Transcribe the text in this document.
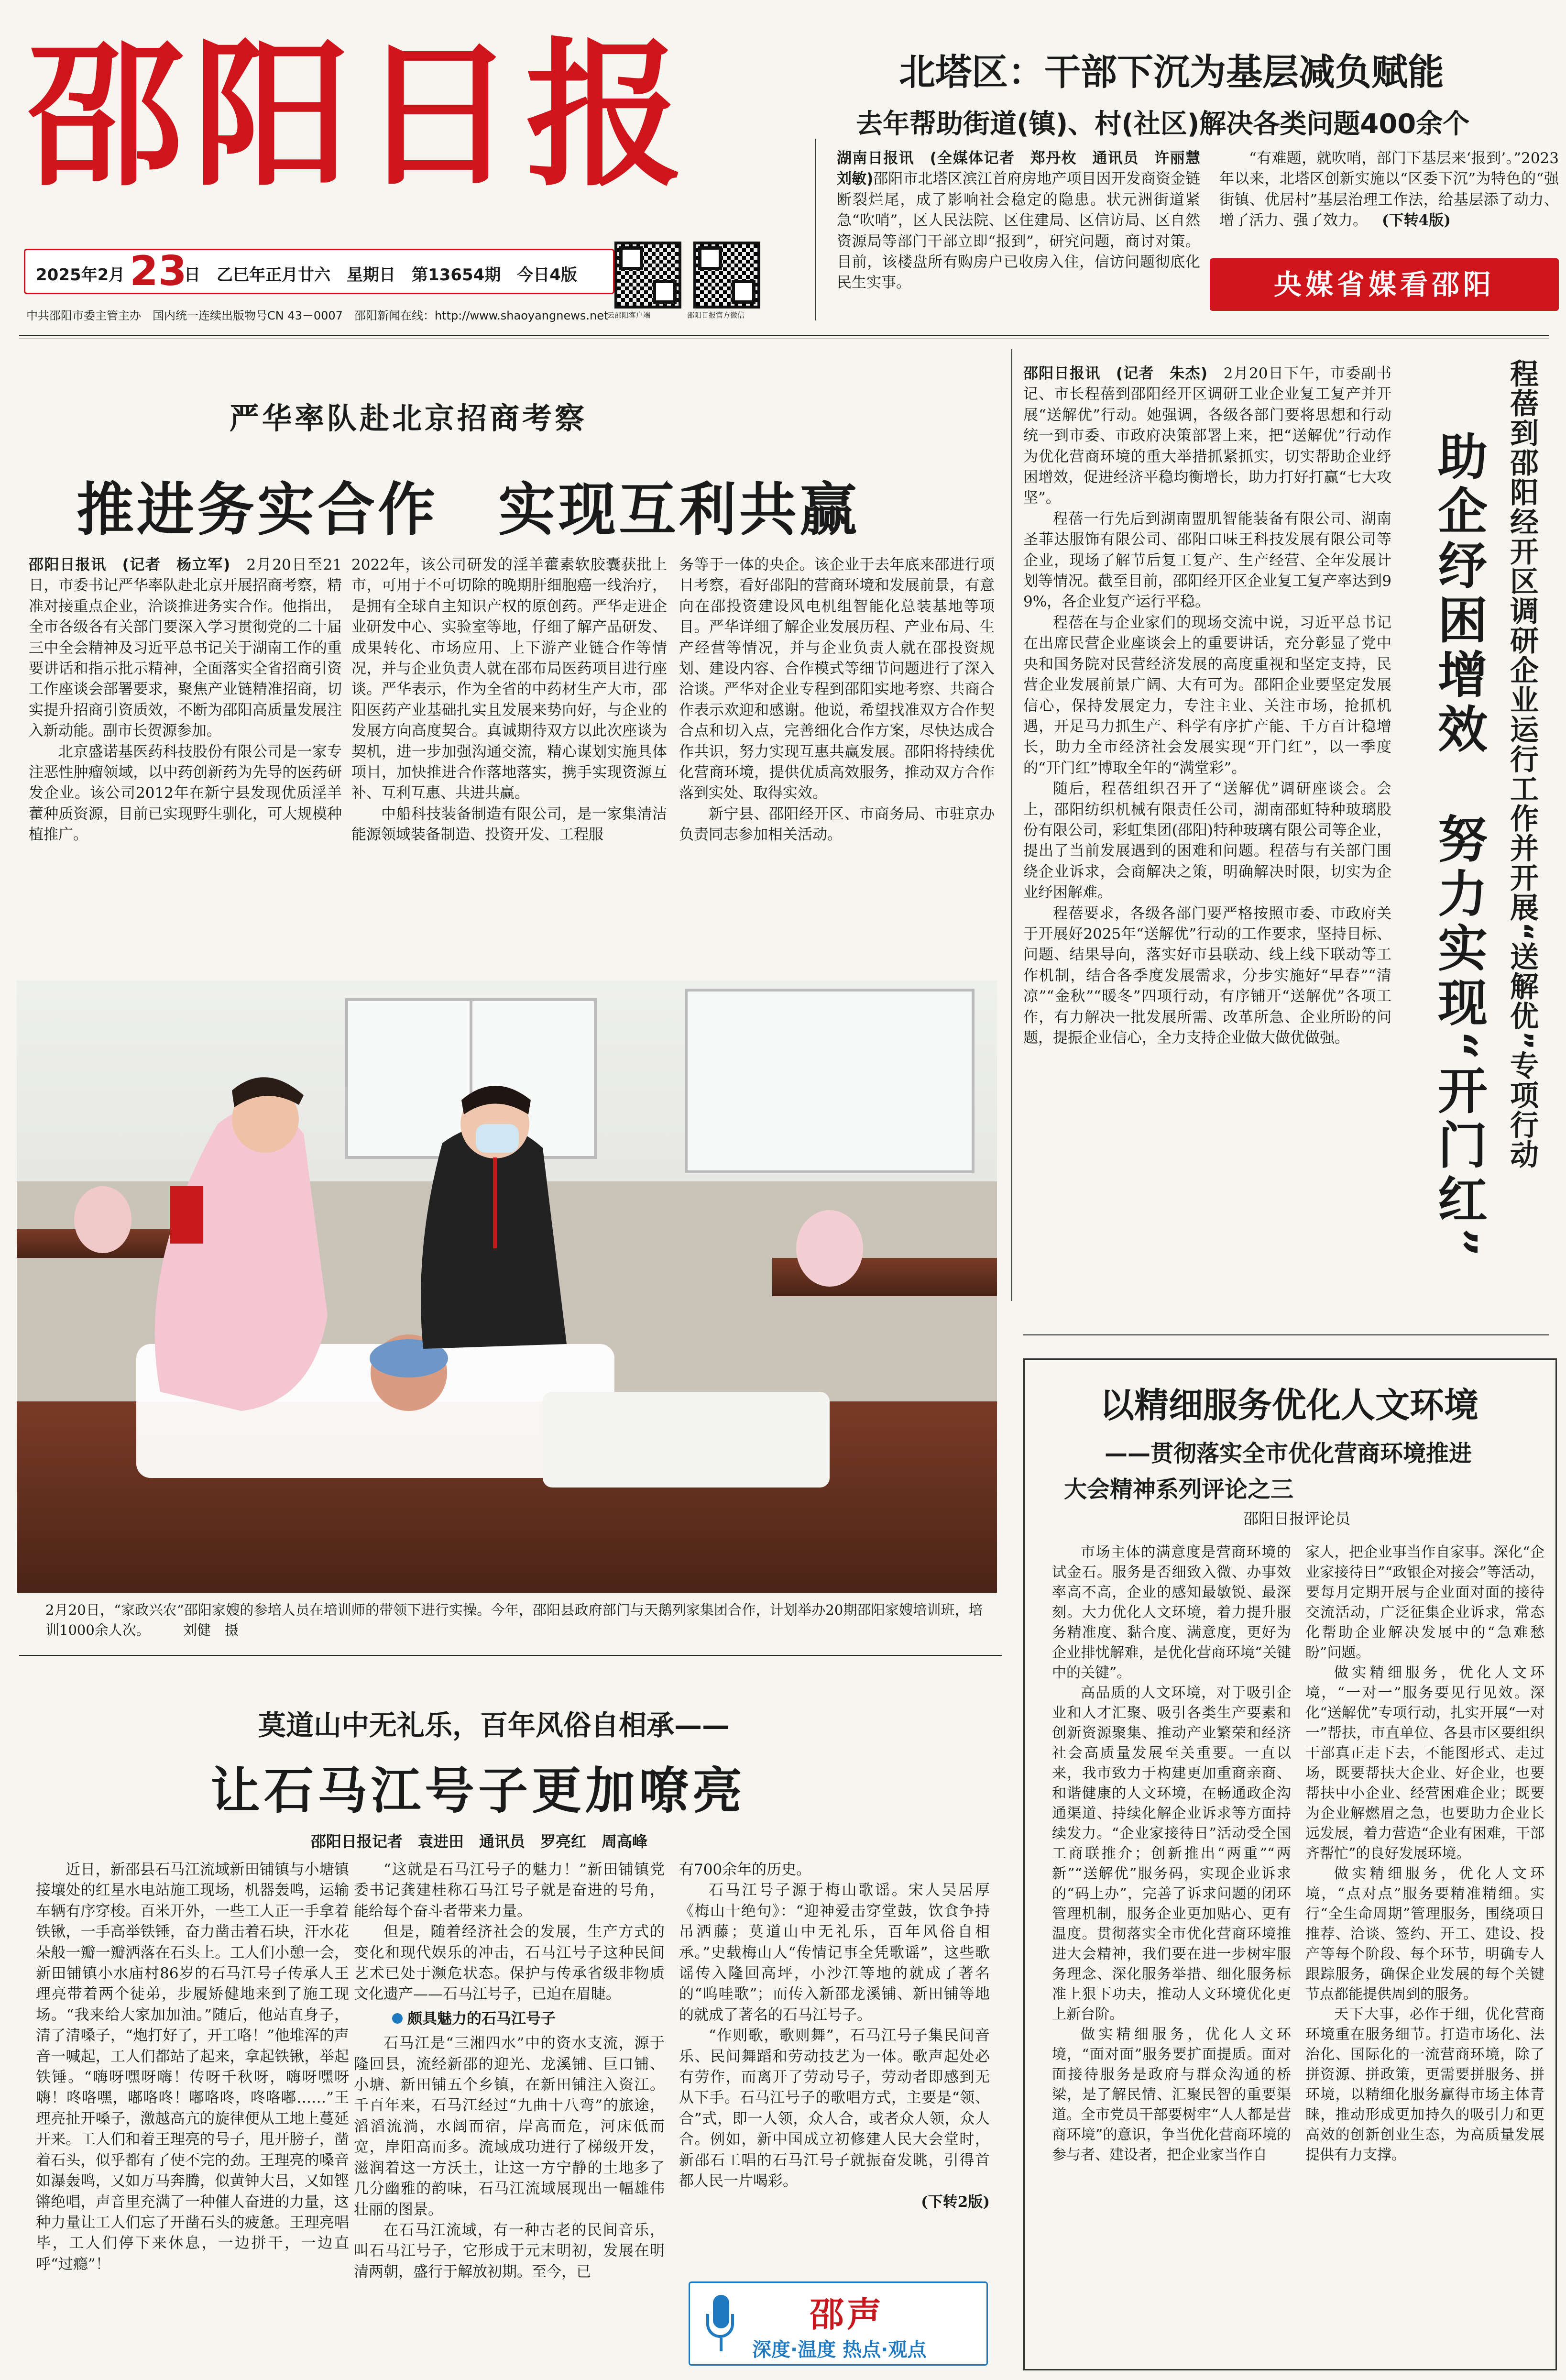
邵阳日报
2025年2月 23
日　乙巳年正月廿六　星期日　第13654期　今日4版
中共邵阳市委主管主办　国内统一连续出版物号CN 43－0007　邵阳新闻在线：http://www.shaoyangnews.net
云邵阳客户端	邵阳日报官方微信
北塔区：干部下沉为基层减负赋能
去年帮助街道(镇)、村(社区)解决各类问题400余个

湖南日报讯　(全媒体记者　郑丹枚　通讯员　许丽慧　刘敏)邵阳市北塔区滨江首府房地产项目因开发商资金链断裂烂尾，成了影响社会稳定的隐患。状元洲街道紧急“吹哨”，区人民法院、区住建局、区信访局、区自然资源局等部门干部立即“报到”，研究问题，商讨对策。目前，该楼盘所有购房户已收房入住，信访问题彻底化民生实事。

“有难题，就吹哨，部门下基层来‘报到’。”2023年以来，北塔区创新实施以“区委下沉”为特色的“强街镇、优居村”基层治理工作法，给基层添了动力、增了活力、强了效力。 (下转4版)

央媒省媒看邵阳
严华率队赴北京招商考察
推进务实合作　实现互利共赢

邵阳日报讯　(记者　杨立军)　 2月20日至21日，市委书记严华率队赴北京开展招商考察，精准对接重点企业，洽谈推进务实合作。他指出，全市各级各有关部门要深入学习贯彻党的二十届三中全会精神及习近平总书记关于湖南工作的重要讲话和指示批示精神，全面落实全省招商引资工作座谈会部署要求，聚焦产业链精准招商，切实提升招商引资质效，不断为邵阳高质量发展注入新动能。副市长贺源参加。

北京盛诺基医药科技股份有限公司是一家专注恶性肿瘤领域，以中药创新药为先导的医药研发企业。该公司2012年在新宁县发现优质淫羊藿种质资源，目前已实现野生驯化，可大规模种植推广。

2022年，该公司研发的淫羊藿素软胶囊获批上市，可用于不可切除的晚期肝细胞癌一线治疗，是拥有全球自主知识产权的原创药。严华走进企业研发中心、实验室等地，仔细了解产品研发、成果转化、市场应用、上下游产业链合作等情况，并与企业负责人就在邵布局医药项目进行座谈。严华表示，作为全省的中药材生产大市，邵阳医药产业基础扎实且发展来势向好，与企业的发展方向高度契合。真诚期待双方以此次座谈为契机，进一步加强沟通交流，精心谋划实施具体项目，加快推进合作落地落实，携手实现资源互补、互利互惠、共进共赢。

中船科技装备制造有限公司，是一家集清洁能源领域装备制造、投资开发、工程服

务等于一体的央企。该企业于去年底来邵进行项目考察，看好邵阳的营商环境和发展前景，有意向在邵投资建设风电机组智能化总装基地等项目。严华详细了解企业发展历程、产业布局、生产经营等情况，并与企业负责人就在邵投资规划、建设内容、合作模式等细节问题进行了深入洽谈。严华对企业专程到邵阳实地考察、共商合作表示欢迎和感谢。他说，希望找准双方合作契合点和切入点，完善细化合作方案，尽快达成合作共识，努力实现互惠共赢发展。邵阳将持续优化营商环境，提供优质高效服务，推动双方合作落到实处、取得实效。

新宁县、邵阳经开区、市商务局、市驻京办负责同志参加相关活动。

2月20日，“家政兴农”邵阳家嫂的参培人员在培训师的带领下进行实操。今年，邵阳县政府部门与天鹅列家集团合作，计划举办20期邵阳家嫂培训班，培训1000余人次。 刘健　摄

邵阳日报讯　(记者　朱杰)　 2月20日下午，市委副书记、市长程蓓到邵阳经开区调研工业企业复工复产并开展“送解优”行动。她强调，各级各部门要将思想和行动统一到市委、市政府决策部署上来，把“送解优”行动作为优化营商环境的重大举措抓紧抓实，切实帮助企业纾困增效，促进经济平稳均衡增长，助力打好打赢“七大攻坚”。

程蓓一行先后到湖南盟肌智能装备有限公司、湖南圣菲达服饰有限公司、邵阳口味王科技发展有限公司等企业，现场了解节后复工复产、生产经营、全年发展计划等情况。截至目前，邵阳经开区企业复工复产率达到99%，各企业复产运行平稳。

程蓓在与企业家们的现场交流中说，习近平总书记在出席民营企业座谈会上的重要讲话，充分彰显了党中央和国务院对民营经济发展的高度重视和坚定支持，民营企业发展前景广阔、大有可为。邵阳企业要坚定发展信心，保持发展定力，专注主业、关注市场，抢抓机遇，开足马力抓生产、科学有序扩产能、千方百计稳增长，助力全市经济社会发展实现“开门红”，以一季度的“开门红”博取全年的“满堂彩”。

随后，程蓓组织召开了“送解优”调研座谈会。会上，邵阳纺织机械有限责任公司，湖南邵虹特种玻璃股份有限公司，彩虹集团(邵阳)特种玻璃有限公司等企业，提出了当前发展遇到的困难和问题。程蓓与有关部门围绕企业诉求，会商解决之策，明确解决时限，切实为企业纾困解难。

程蓓要求，各级各部门要严格按照市委、市政府关于开展好2025年“送解优”行动的工作要求，坚持目标、问题、结果导向，落实好市县联动、线上线下联动等工作机制，结合各季度发展需求，分步实施好“早春”“清凉”“金秋”“暖冬”四项行动，有序铺开“送解优”各项工作，有力解决一批发展所需、改革所急、企业所盼的问题，提振企业信心，全力支持企业做大做优做强。	程蓓到邵阳经开区调研企业运行工作并开展“送解优”专项行动
助企纾困增效
努力实现“开门红”
莫道山中无礼乐，百年风俗自相承——
让石马江号子更加嘹亮
邵阳日报记者　袁进田　通讯员　罗亮红　周高峰

近日，新邵县石马江流域新田铺镇与小塘镇接壤处的红星水电站施工现场，机器轰鸣，运输车辆有序穿梭。百米开外，一些工人正一手拿着铁锹，一手高举铁锤，奋力凿击着石块，汗水花朵般一瓣一瓣洒落在石头上。工人们小憩一会，新田铺镇小水庙村86岁的石马江号子传承人王理亮带着两个徒弟，步履矫健地来到了施工现场。“我来给大家加加油。”随后，他站直身子，清了清嗓子，“炮打好了，开工咯！”他堆浑的声音一喊起，工人们都站了起来，拿起铁锹，举起铁锤。“嗨呀嘿呀嗨！传呀千秋呀，嗨呀嘿呀嗨！咚咯嘿，嘟咯咚！嘟咯咚，咚咯嘟……”王理亮扯开嗓子，激越高亢的旋律便从工地上蔓延开来。工人们和着王理亮的号子，甩开膀子，凿着石头，似乎都有了使不完的劲。王理亮的嗓音如瀑轰鸣，又如万马奔腾，似黄钟大吕，又如铿锵绝唱，声音里充满了一种催人奋进的力量，这种力量让工人们忘了开凿石头的疲惫。王理亮唱毕，工人们停下来休息，一边拼干，一边直呼“过瘾”！

“这就是石马江号子的魅力！”新田铺镇党委书记龚建桂称石马江号子就是奋进的号角，能给每个奋斗者带来力量。

但是，随着经济社会的发展，生产方式的变化和现代娱乐的冲击，石马江号子这种民间艺术已处于濒危状态。保护与传承省级非物质文化遗产——石马江号子，已迫在眉睫。

颇具魅力的石马江号子

石马江是“三湘四水”中的资水支流，源于隆回县，流经新邵的迎光、龙溪铺、巨口铺、小塘、新田铺五个乡镇，在新田铺注入资江。千百年来，石马江经过“九曲十八弯”的旅途，滔滔流淌，水阔而宿，岸高而危，河床低而宽，岸阳高而多。流域成功进行了梯级开发，滋润着这一方沃土，让这一方宁静的土地多了几分幽雅的韵味，石马江流域展现出一幅雄伟壮丽的图景。

在石马江流域，有一种古老的民间音乐，叫石马江号子，它形成于元末明初，发展在明清两朝，盛行于解放初期。至今，已

有700余年的历史。

石马江号子源于梅山歌谣。宋人吴居厚《梅山十绝句》：“迎神爱击穿堂鼓，饮食争持吊洒藤；莫道山中无礼乐，百年风俗自相承。”史载梅山人“传情记事全凭歌谣”，这些歌谣传入隆回高坪，小沙江等地的就成了著名的“呜哇歌”；而传入新邵龙溪铺、新田铺等地的就成了著名的石马江号子。

“作则歌，歌则舞”，石马江号子集民间音乐、民间舞蹈和劳动技艺为一体。歌声起处必有劳作，而离开了劳动号子，劳动者即感到无从下手。石马江号子的歌唱方式，主要是“领、合”式，即一人领，众人合，或者众人领，众人合。例如，新中国成立初修建人民大会堂时，新邵石工唱的石马江号子就振奋发眺，引得首都人民一片喝彩。

(下转2版)

邵声
深度·温度 热点·观点
以精细服务优化人文环境
——贯彻落实全市优化营商环境推进
大会精神系列评论之三
邵阳日报评论员

市场主体的满意度是营商环境的试金石。服务是否细致入微、办事效率高不高，企业的感知最敏锐、最深刻。大力优化人文环境，着力提升服务精准度、黏合度、满意度，更好为企业排忧解难，是优化营商环境“关键中的关键”。

高品质的人文环境，对于吸引企业和人才汇聚、吸引各类生产要素和创新资源聚集、推动产业繁荣和经济社会高质量发展至关重要。一直以来，我市致力于构建更加重商亲商、和谐健康的人文环境，在畅通政企沟通渠道、持续化解企业诉求等方面持续发力。“企业家接待日”活动受全国工商联推介；创新推出“两重”“两新”“送解优”服务码，实现企业诉求的“码上办”，完善了诉求问题的闭环管理机制，服务企业更加贴心、更有温度。贯彻落实全市优化营商环境推进大会精神，我们要在进一步树牢服务理念、深化服务举措、细化服务标准上狠下功夫，推动人文环境优化更上新台阶。

做实精细服务，优化人文环境，“面对面”服务要扩面提质。面对面接待服务是政府与群众沟通的桥梁，是了解民情、汇聚民智的重要渠道。全市党员干部要树牢“人人都是营商环境”的意识，争当优化营商环境的参与者、建设者，把企业家当作自

家人，把企业事当作自家事。深化“企业家接待日”“政银企对接会”等活动，要每月定期开展与企业面对面的接待交流活动，广泛征集企业诉求，常态化帮助企业解决发展中的“急难愁盼”问题。

做实精细服务，优化人文环境，“一对一”服务要见行见效。深化“送解优”专项行动，扎实开展“一对一”帮扶，市直单位、各县市区要组织干部真正走下去，不能图形式、走过场，既要帮扶大企业、好企业，也要帮扶中小企业、经营困难企业；既要为企业解燃眉之急，也要助力企业长远发展，着力营造“企业有困难，干部齐帮忙”的良好发展环境。

做实精细服务，优化人文环境，“点对点”服务要精准精细。实行“全生命周期”管理服务，围绕项目推荐、洽谈、签约、开工、建设、投产等每个阶段、每个环节，明确专人跟踪服务，确保企业发展的每个关键节点都能提供周到的服务。

天下大事，必作于细，优化营商环境重在服务细节。打造市场化、法治化、国际化的一流营商环境，除了拼资源、拼政策，更需要拼服务、拼环境，以精细化服务赢得市场主体青睐，推动形成更加持久的吸引力和更高效的创新创业生态，为高质量发展提供有力支撑。
